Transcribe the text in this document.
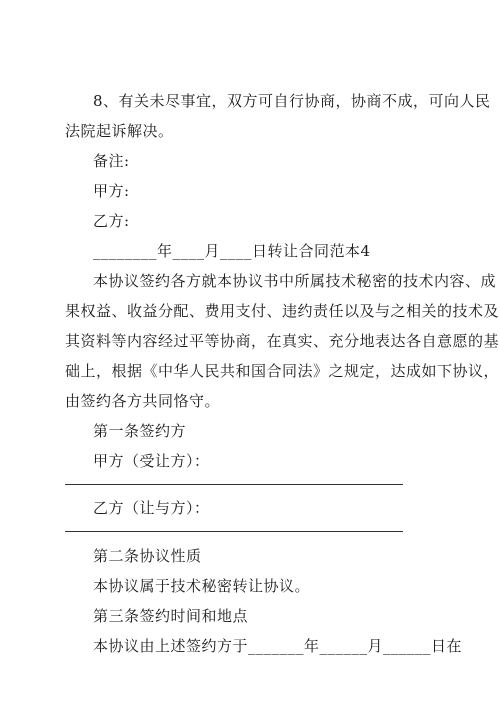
8、有关未尽事宜，双方可自行协商，协商不成，可向人民
法院起诉解决。
备注:
甲方:
乙方:
________年____月____日转让合同范本4
本协议签约各方就本协议书中所属技术秘密的技术内容、成
果权益、收益分配、费用支付、违约责任以及与之相关的技术及
其资料等内容经过平等协商，在真实、充分地表达各自意愿的基
础上，根据《中华人民共和国合同法》之规定，达成如下协议，
由签约各方共同恪守。
第一条签约方
甲方（受让方）：
乙方（让与方）：
第二条协议性质
本协议属于技术秘密转让协议。
第三条签约时间和地点
本协议由上述签约方于_______年______月______日在
